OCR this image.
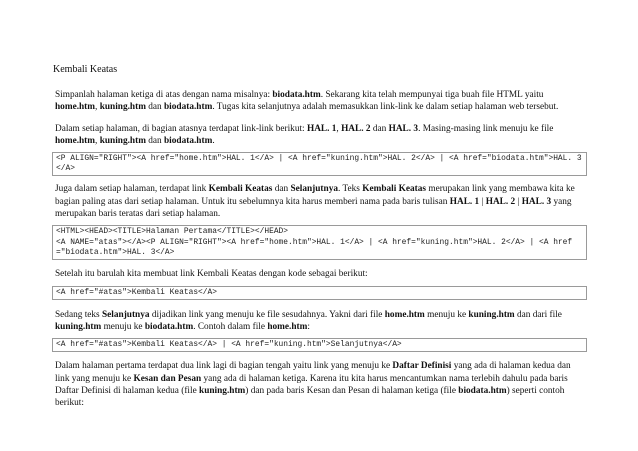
Kembali Keatas
Simpanlah halaman ketiga di atas dengan nama misalnya: biodata.htm. Sekarang kita telah mempunyai tiga buah file HTML yaitu home.htm, kuning.htm dan biodata.htm. Tugas kita selanjutnya adalah memasukkan link-link ke dalam setiap halaman web tersebut.
Dalam setiap halaman, di bagian atasnya terdapat link-link berikut: HAL. 1, HAL. 2 dan HAL. 3. Masing-masing link menuju ke file home.htm, kuning.htm dan biodata.htm.
<P ALIGN="RIGHT"><A href="home.htm">HAL. 1</A> | <A href="kuning.htm">HAL. 2</A> | <A href="biodata.htm">HAL. 3</A>
Juga dalam setiap halaman, terdapat link Kembali Keatas dan Selanjutnya. Teks Kembali Keatas merupakan link yang membawa kita ke bagian paling atas dari setiap halaman. Untuk itu sebelumnya kita harus memberi nama pada baris tulisan HAL. 1 | HAL. 2 | HAL. 3 yang merupakan baris teratas dari setiap halaman.
<HTML><HEAD><TITLE>Halaman Pertama</TITLE></HEAD>
<A NAME="atas"></A><P ALIGN="RIGHT"><A href="home.htm">HAL. 1</A> | <A href="kuning.htm">HAL. 2</A> | <A href="biodata.htm">HAL. 3</A>
Setelah itu barulah kita membuat link Kembali Keatas dengan kode sebagai berikut:
<A href="#atas">Kembali Keatas</A>
Sedang teks Selanjutnya dijadikan link yang menuju ke file sesudahnya. Yakni dari file home.htm menuju ke kuning.htm dan dari file kuning.htm menuju ke biodata.htm. Contoh dalam file home.htm:
<A href="#atas">Kembali Keatas</A> | <A href="kuning.htm">Selanjutnya</A>
Dalam halaman pertama terdapat dua link lagi di bagian tengah yaitu link yang menuju ke Daftar Definisi yang ada di halaman kedua dan link yang menuju ke Kesan dan Pesan yang ada di halaman ketiga. Karena itu kita harus mencantumkan nama terlebih dahulu pada baris Daftar Definisi di halaman kedua (file kuning.htm) dan pada baris Kesan dan Pesan di halaman ketiga (file biodata.htm) seperti contoh berikut:
